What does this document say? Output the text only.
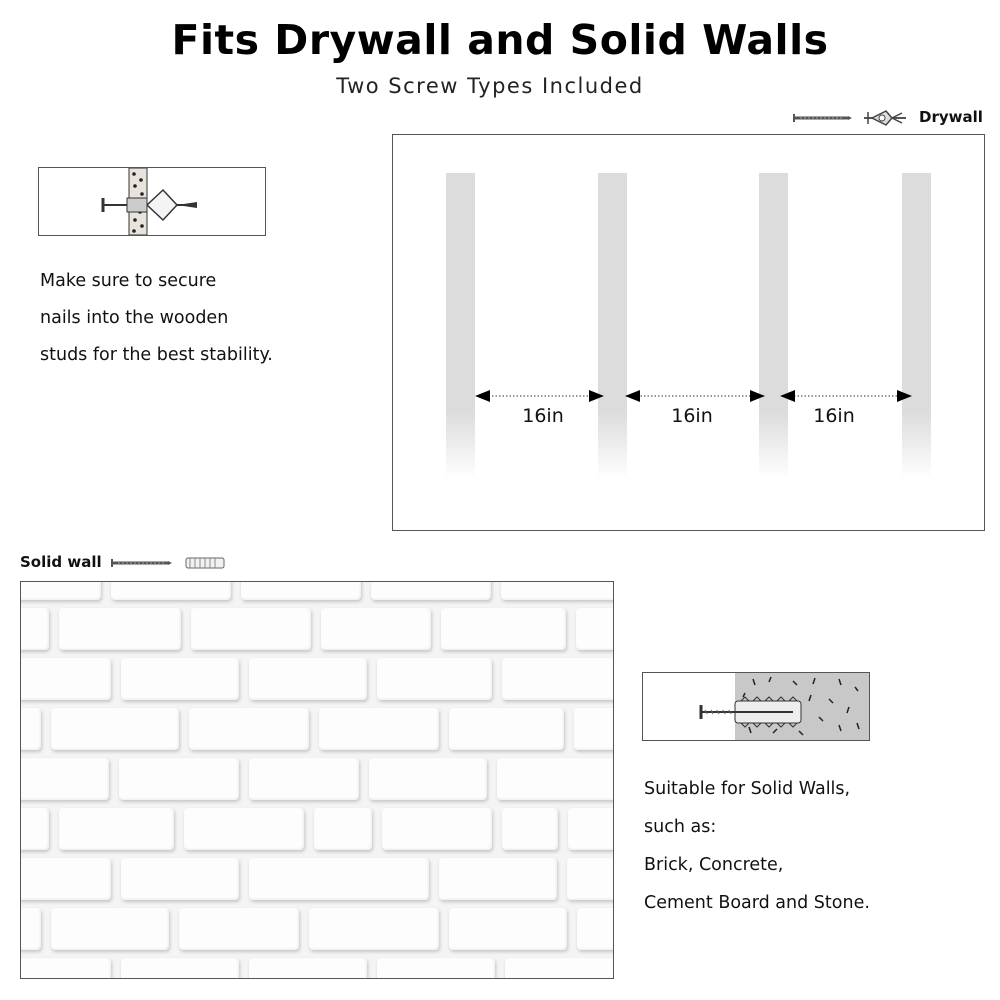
Fits Drywall and Solid Walls
Two Screw Types Included
Drywall
Make sure to secure
nails into the wooden
studs for the best stability.
16in	16in	16in
Solid wall
Suitable for Solid Walls,
such as:
Brick, Concrete,
Cement Board and Stone.
